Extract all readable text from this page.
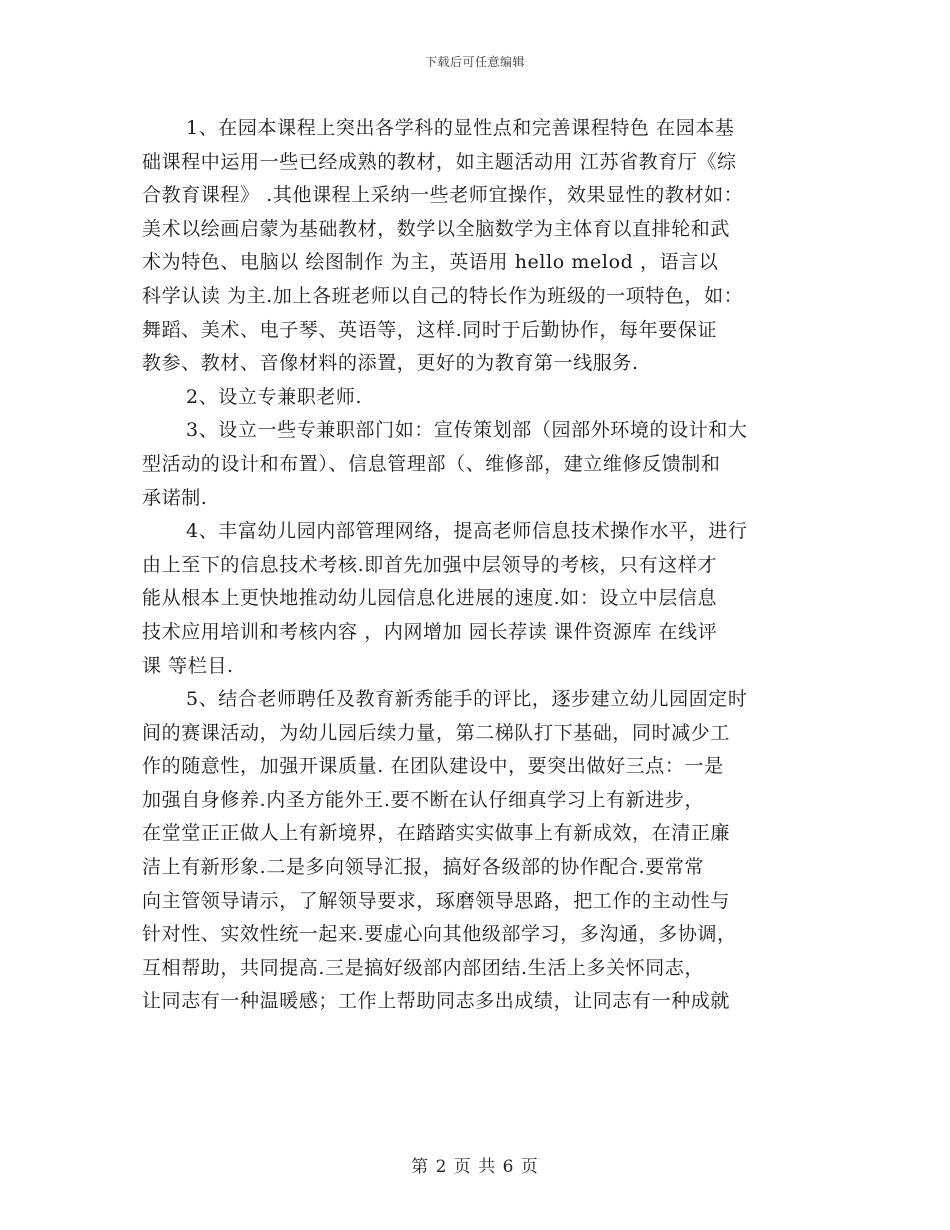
下载后可任意编辑
1、在园本课程上突出各学科的显性点和完善课程特色 在园本基
础课程中运用一些已经成熟的教材，如主题活动用 江苏省教育厅《综
合教育课程》 .其他课程上采纳一些老师宜操作，效果显性的教材如：
美术以绘画启蒙为基础教材，数学以全脑数学为主体育以直排轮和武
术为特色、电脑以 绘图制作 为主，英语用 hello melod ，语言以
科学认读 为主.加上各班老师以自己的特长作为班级的一项特色，如：
舞蹈、美术、电子琴、英语等，这样.同时于后勤协作，每年要保证
教参、教材、音像材料的添置，更好的为教育第一线服务.
2、设立专兼职老师.
3、设立一些专兼职部门如：宣传策划部（园部外环境的设计和大
型活动的设计和布置）、信息管理部（、维修部，建立维修反馈制和
承诺制.
4、丰富幼儿园内部管理网络，提高老师信息技术操作水平，进行
由上至下的信息技术考核.即首先加强中层领导的考核，只有这样才
能从根本上更快地推动幼儿园信息化进展的速度.如：设立中层信息
技术应用培训和考核内容 ，内网增加 园长荐读 课件资源库 在线评
课 等栏目.
5、结合老师聘任及教育新秀能手的评比，逐步建立幼儿园固定时
间的赛课活动，为幼儿园后续力量，第二梯队打下基础，同时减少工
作的随意性，加强开课质量. 在团队建设中，要突出做好三点：一是
加强自身修养.内圣方能外王.要不断在认仔细真学习上有新进步，
在堂堂正正做人上有新境界，在踏踏实实做事上有新成效，在清正廉
洁上有新形象.二是多向领导汇报，搞好各级部的协作配合.要常常
向主管领导请示，了解领导要求，琢磨领导思路，把工作的主动性与
针对性、实效性统一起来.要虚心向其他级部学习，多沟通，多协调，
互相帮助，共同提高.三是搞好级部内部团结.生活上多关怀同志，
让同志有一种温暖感；工作上帮助同志多出成绩，让同志有一种成就
第 2 页 共 6 页
